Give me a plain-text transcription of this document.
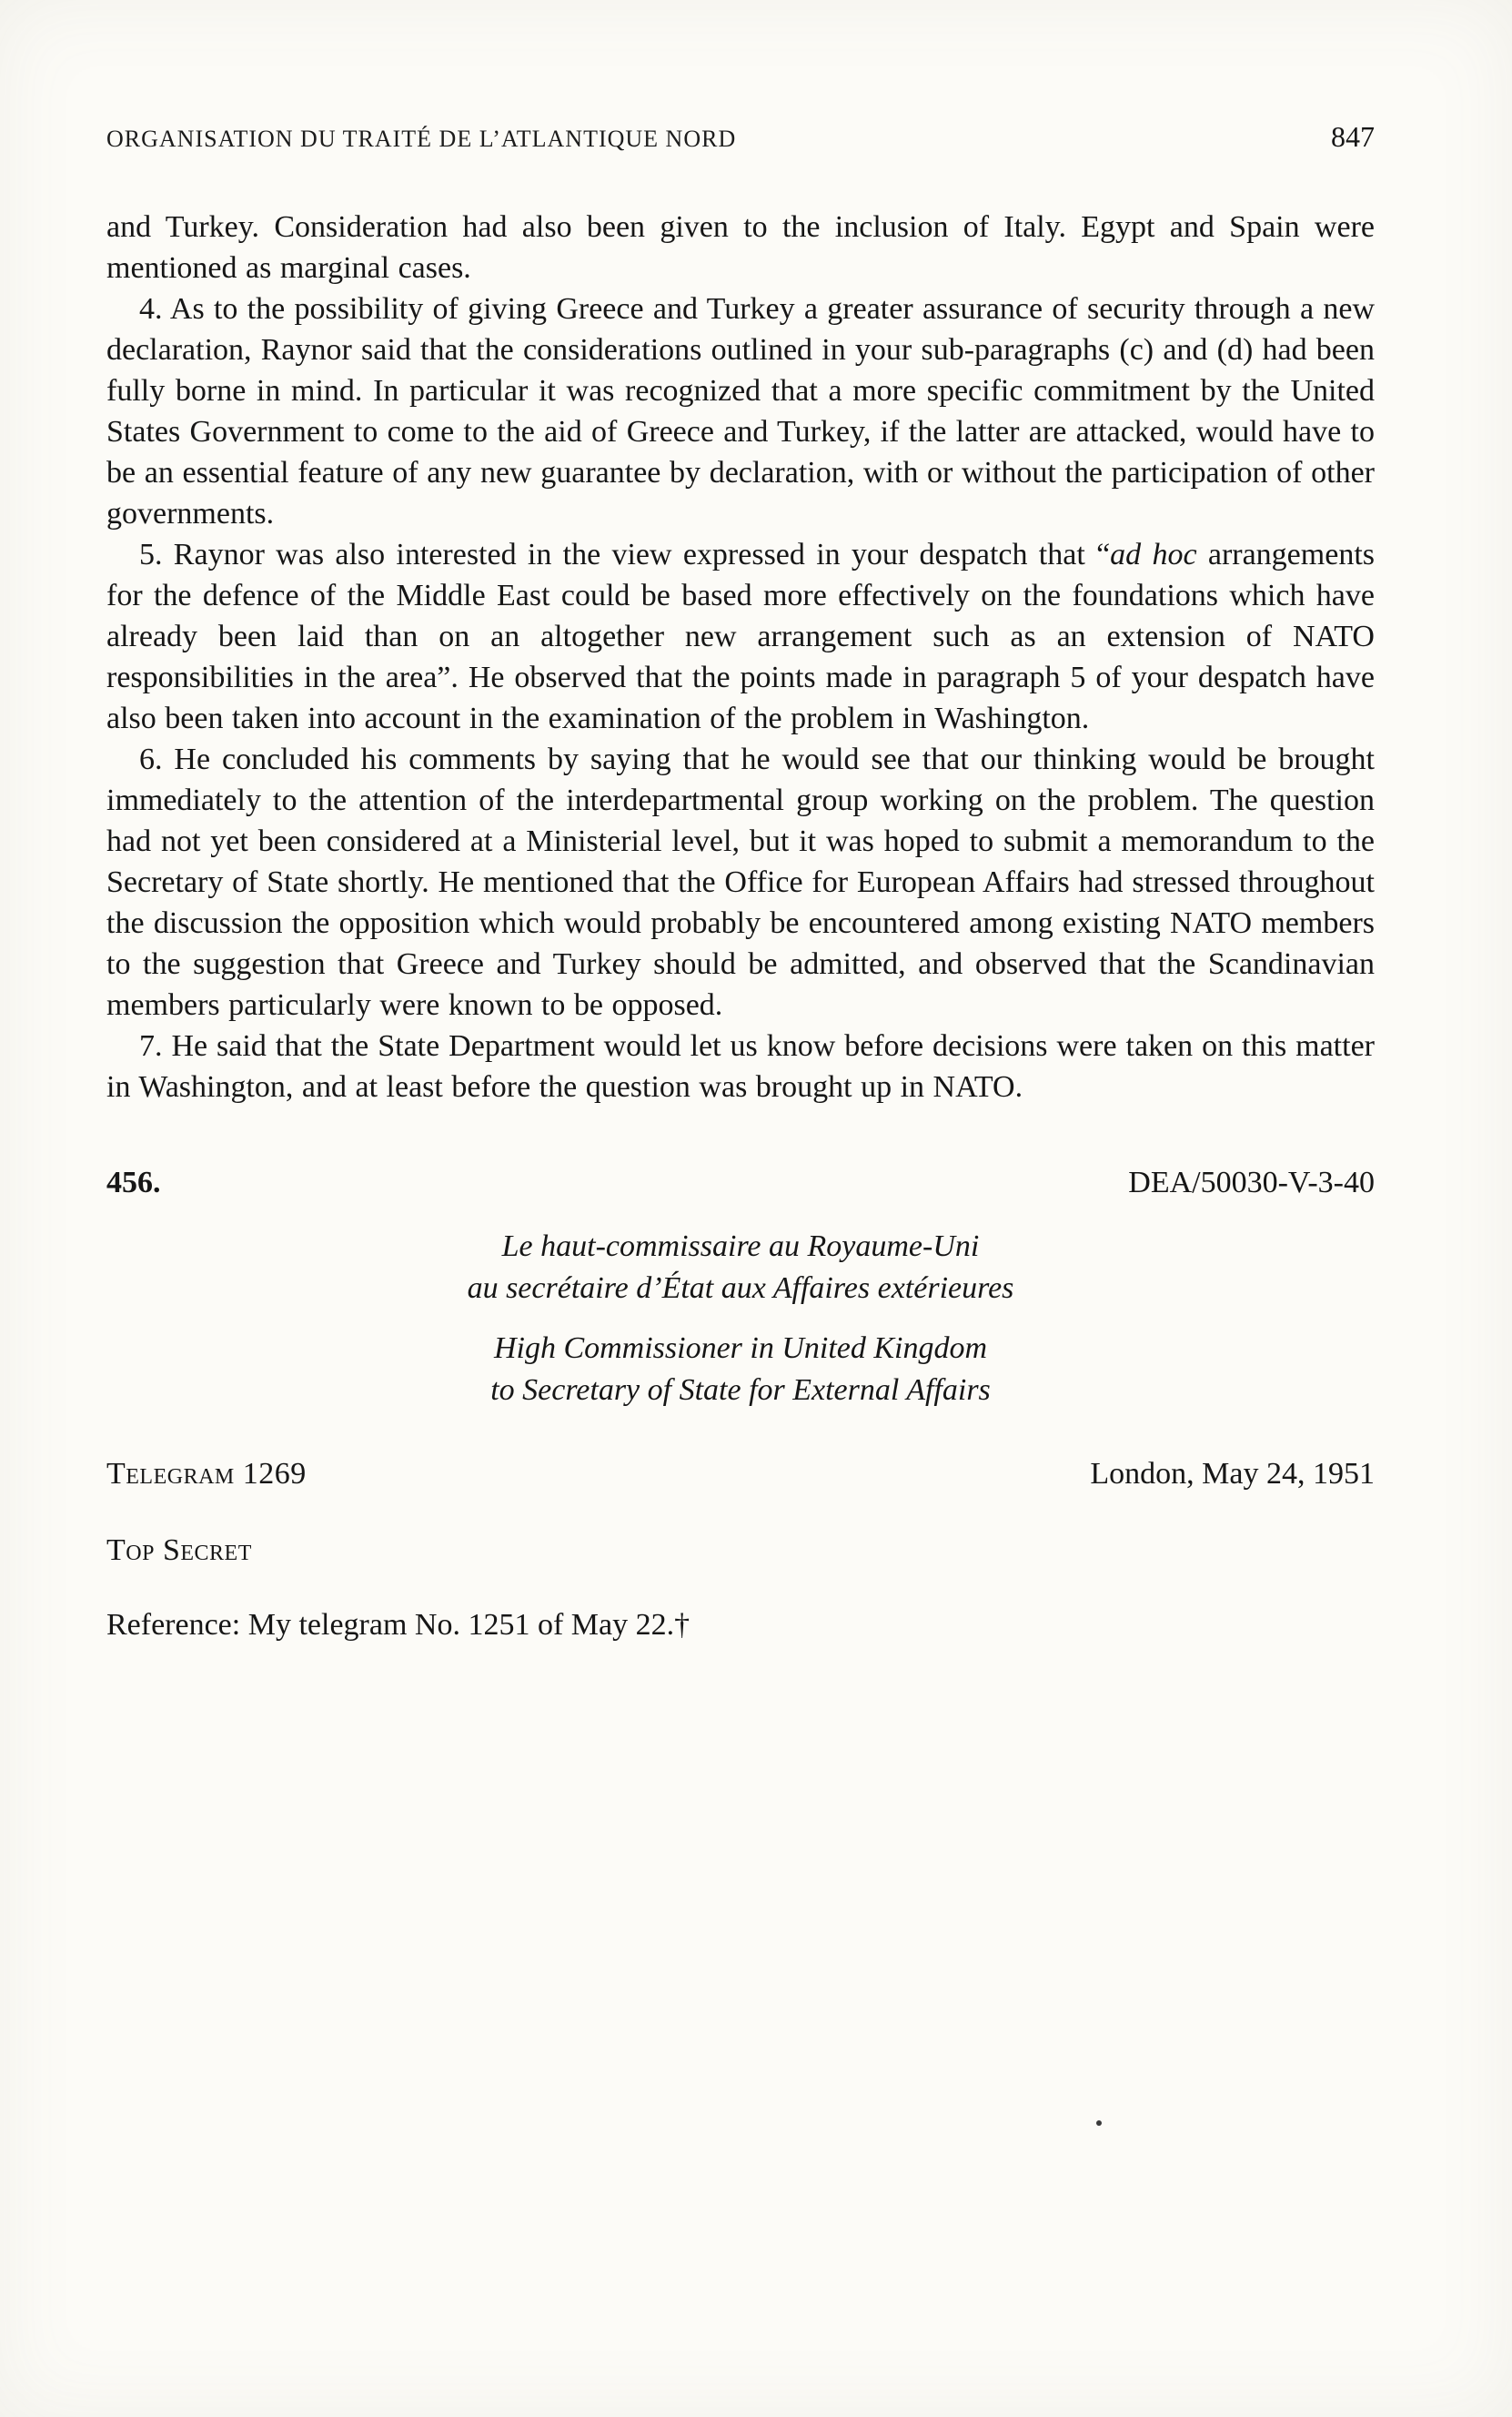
ORGANISATION DU TRAITÉ DE L’ATLANTIQUE NORD	847

and Turkey. Consideration had also been given to the inclusion of Italy. Egypt and Spain were mentioned as marginal cases.

4. As to the possibility of giving Greece and Turkey a greater assurance of security through a new declaration, Raynor said that the considerations outlined in your sub-paragraphs (c) and (d) had been fully borne in mind. In particular it was recognized that a more specific commitment by the United States Government to come to the aid of Greece and Turkey, if the latter are attacked, would have to be an essential feature of any new guarantee by declaration, with or without the participation of other governments.

5. Raynor was also interested in the view expressed in your despatch that “ad hoc arrangements for the defence of the Middle East could be based more effectively on the foundations which have already been laid than on an altogether new arrangement such as an extension of NATO responsibilities in the area”. He observed that the points made in paragraph 5 of your despatch have also been taken into account in the examination of the problem in Washington.

6. He concluded his comments by saying that he would see that our thinking would be brought immediately to the attention of the interdepartmental group working on the problem. The question had not yet been considered at a Ministerial level, but it was hoped to submit a memorandum to the Secretary of State shortly. He mentioned that the Office for European Affairs had stressed throughout the discussion the opposition which would probably be encountered among existing NATO members to the suggestion that Greece and Turkey should be admitted, and observed that the Scandinavian members particularly were known to be opposed.

7. He said that the State Department would let us know before decisions were taken on this matter in Washington, and at least before the question was brought up in NATO.

456.	DEA/50030-V-3-40
Le haut-commissaire au Royaume-Uni
au secrétaire d’État aux Affaires extérieures
High Commissioner in United Kingdom
to Secretary of State for External Affairs
Telegram 1269	London, May 24, 1951
Top Secret
Reference: My telegram No. 1251 of May 22.†
